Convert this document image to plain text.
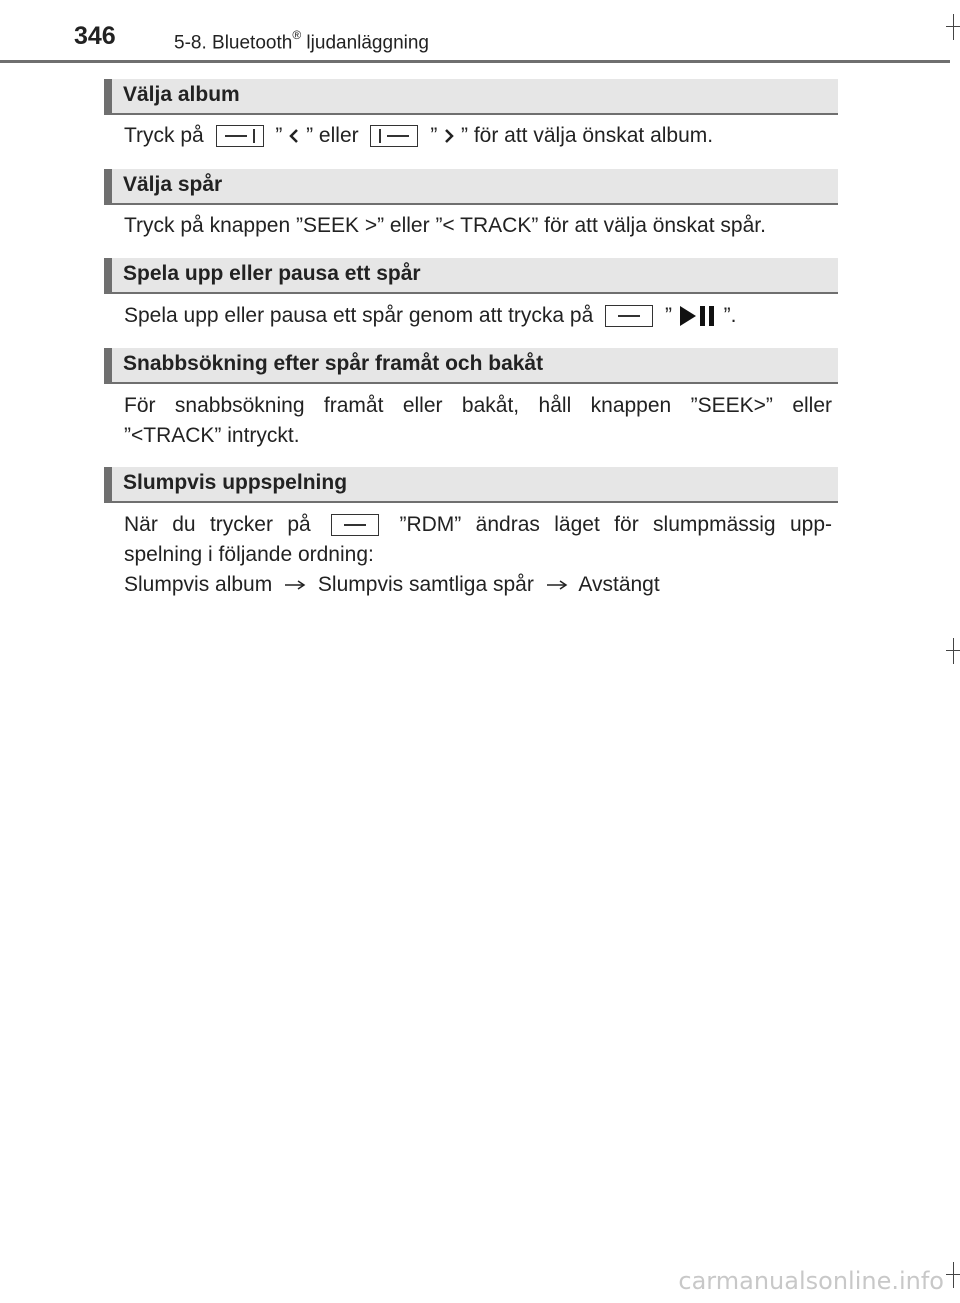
346	5-8. Bluetooth® ljudanläggning
Välja album
Tryck på	” ” eller	” ” för att välja önskat album.
Välja spår
Tryck på knappen ”SEEK >” eller ”< TRACK” för att välja önskat spår.
Spela upp eller pausa ett spår
Spela upp eller pausa ett spår genom att trycka på	” ”.
Snabbsökning efter spår framåt och bakåt
För snabbsökning framåt eller bakåt, håll knappen ”SEEK>” eller
”<TRACK” intryckt.
Slumpvis uppspelning
När du trycker på	”RDM” ändras läget för slumpmässig upp-
spelning i följande ordning:
Slumpvis album Slumpvis samtliga spår Avstängt
carmanualsonline.info
